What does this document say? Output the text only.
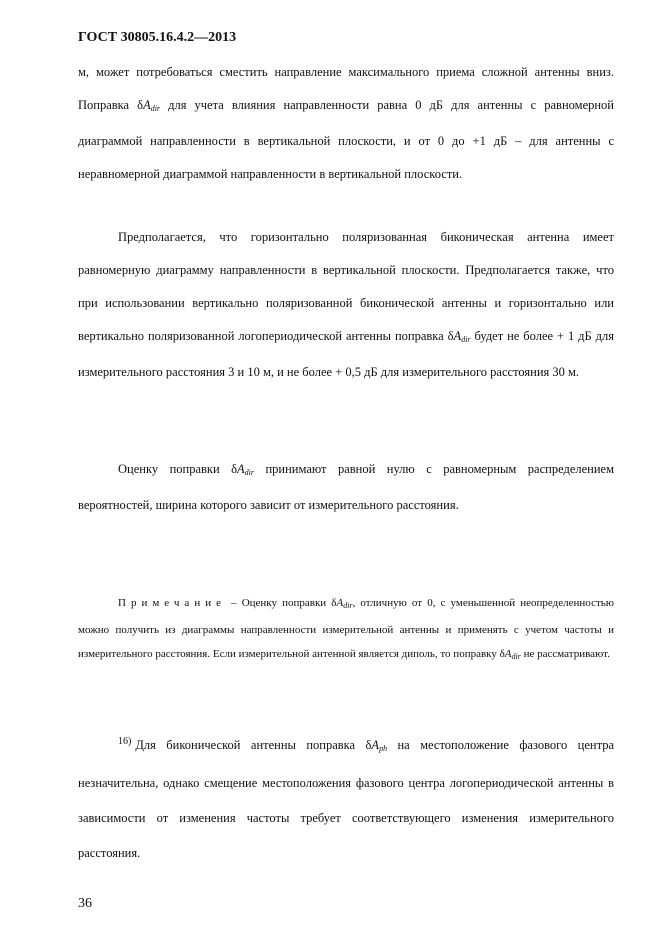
ГОСТ 30805.16.4.2—2013
м, может потребоваться сместить направление максимального приема сложной антенны вниз. Поправка $\delta A_{dir}$ для учета влияния направленности равна 0 дБ для антенны с равномерной диаграммой направленности в вертикальной плоскости, и от 0 до +1 дБ – для антенны с неравномерной диаграммой направленности в вертикальной плоскости.
Предполагается, что горизонтально поляризованная биконическая антенна имеет равномерную диаграмму направленности в вертикальной плоскости. Предполагается также, что при использовании вертикально поляризованной биконической антенны и горизонтально или вертикально поляризованной логопериодической антенны поправка $\delta A_{dir}$ будет не более + 1 дБ для измерительного расстояния 3 и 10 м, и не более + 0,5 дБ для измерительного расстояния 30 м.
Оценку поправки $\delta A_{dir}$ принимают равной нулю с равномерным распределением вероятностей, ширина которого зависит от измерительного расстояния.
Примечание – Оценку поправки $\delta A_{dir}$, отличную от 0, с уменьшенной неопределенностью можно получить из диаграммы направленности измерительной антенны и применять с учетом частоты и измерительного расстояния. Если измерительной антенной является диполь, то поправку $\delta A_{dir}$ не рассматривают.
$^{16)}$ Для биконической антенны поправка $\delta A_{ph}$ на местоположение фазового центра незначительна, однако смещение местоположения фазового центра логопериодической антенны в зависимости от изменения частоты требует соответствующего изменения измерительного расстояния.
36
